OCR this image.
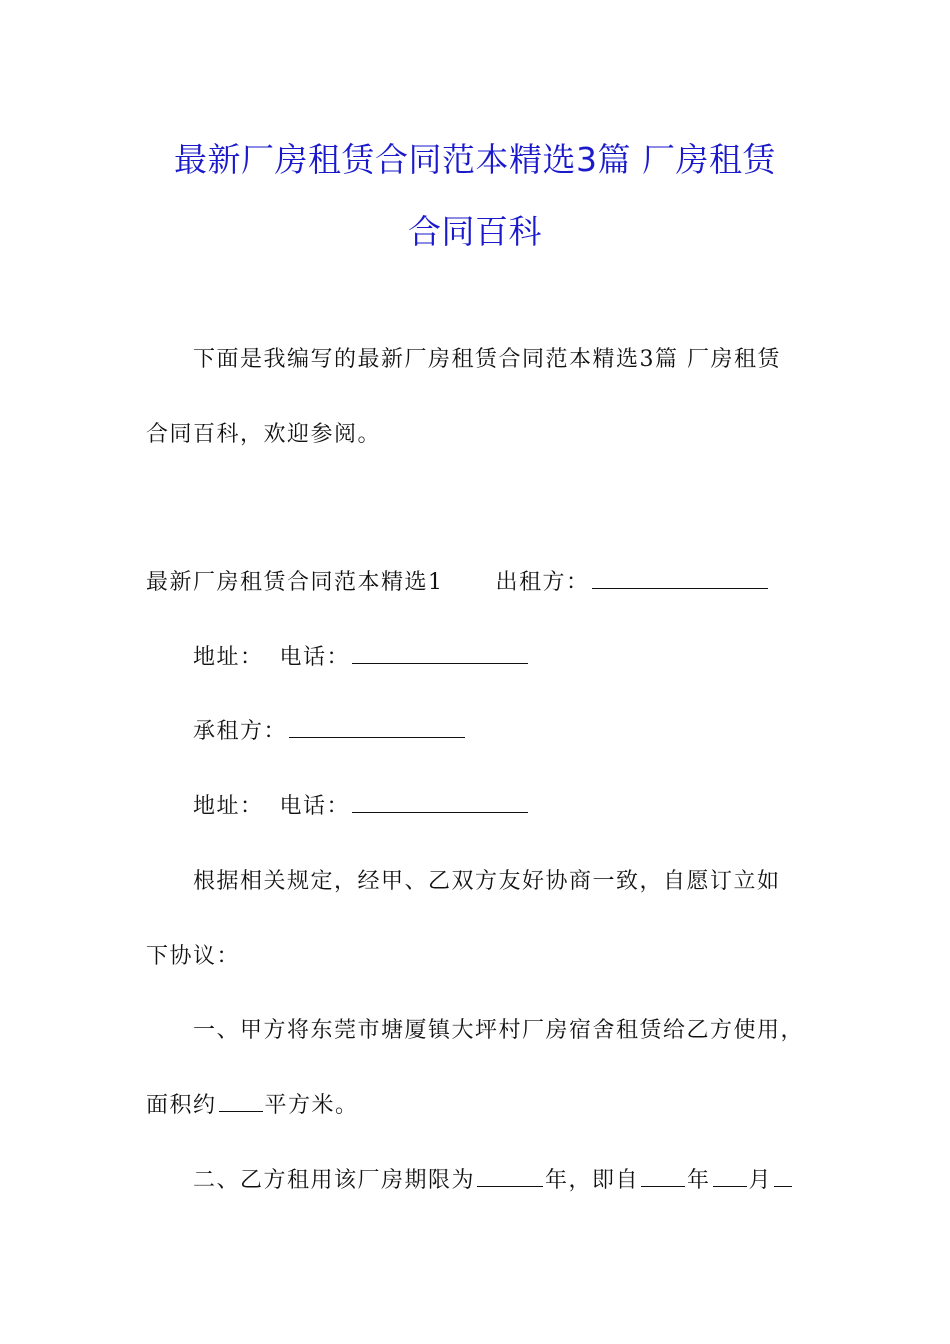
最新厂房租赁合同范本精选3篇 厂房租赁
合同百科
下面是我编写的最新厂房租赁合同范本精选3篇 厂房租赁
合同百科，欢迎参阅。
最新厂房租赁合同范本精选1 出租方：
地址： 电话：
承租方：
地址： 电话：
根据相关规定，经甲、乙双方友好协商一致，自愿订立如
下协议：
一、甲方将东莞市塘厦镇大坪村厂房宿舍租赁给乙方使用，
面积约 平方米。
二、乙方租用该厂房期限为	年，即自 年 月
